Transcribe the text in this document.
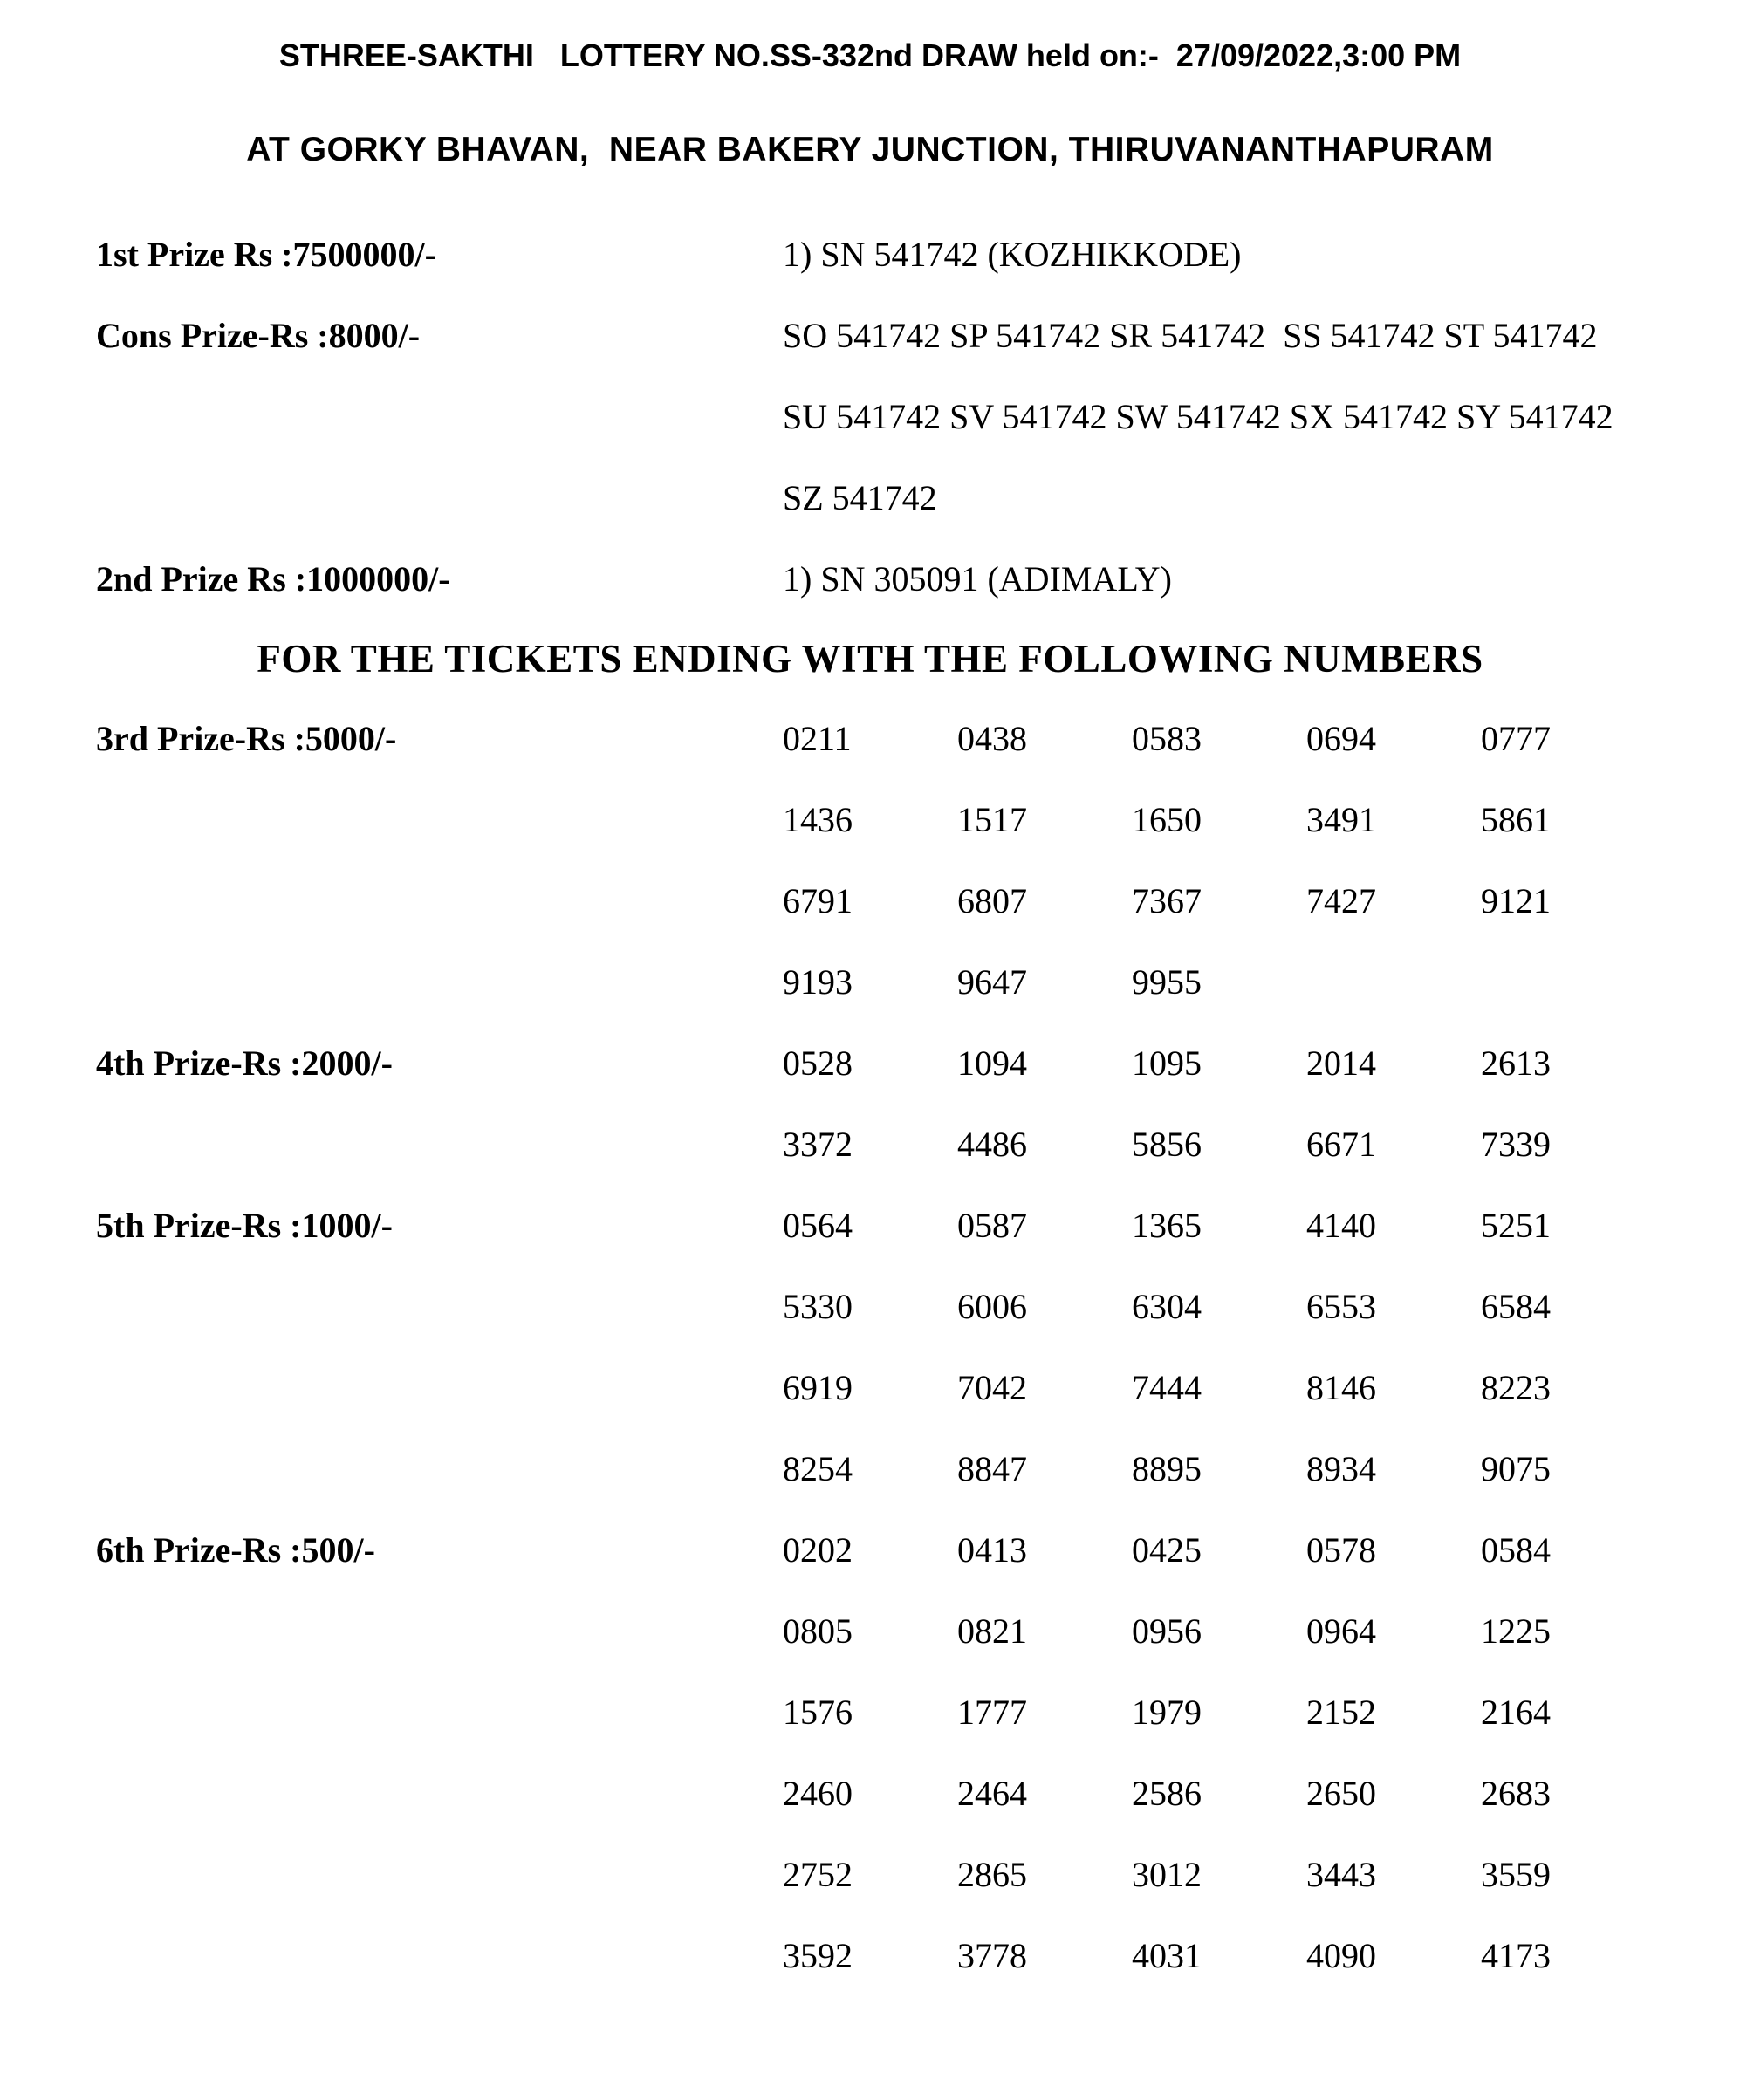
STHREE-SAKTHI   LOTTERY NO.SS-332nd DRAW held on:-  27/09/2022,3:00 PM
AT GORKY BHAVAN,  NEAR BAKERY JUNCTION, THIRUVANANTHAPURAM
1st Prize Rs :7500000/-	1) SN 541742 (KOZHIKKODE)
Cons Prize-Rs :8000/-	SO 541742 SP 541742 SR 541742  SS 541742 ST 541742
SU 541742 SV 541742 SW 541742 SX 541742 SY 541742
SZ 541742
2nd Prize Rs :1000000/-	1) SN 305091 (ADIMALY)
FOR THE TICKETS ENDING WITH THE FOLLOWING NUMBERS
3rd Prize-Rs :5000/-	0211	0438	0583	0694	0777
1436	1517	1650	3491	5861
6791	6807	7367	7427	9121
9193	9647	9955
4th Prize-Rs :2000/-	0528	1094	1095	2014	2613
3372	4486	5856	6671	7339
5th Prize-Rs :1000/-	0564	0587	1365	4140	5251
5330	6006	6304	6553	6584
6919	7042	7444	8146	8223
8254	8847	8895	8934	9075
6th Prize-Rs :500/-	0202	0413	0425	0578	0584
0805	0821	0956	0964	1225
1576	1777	1979	2152	2164
2460	2464	2586	2650	2683
2752	2865	3012	3443	3559
3592	3778	4031	4090	4173
